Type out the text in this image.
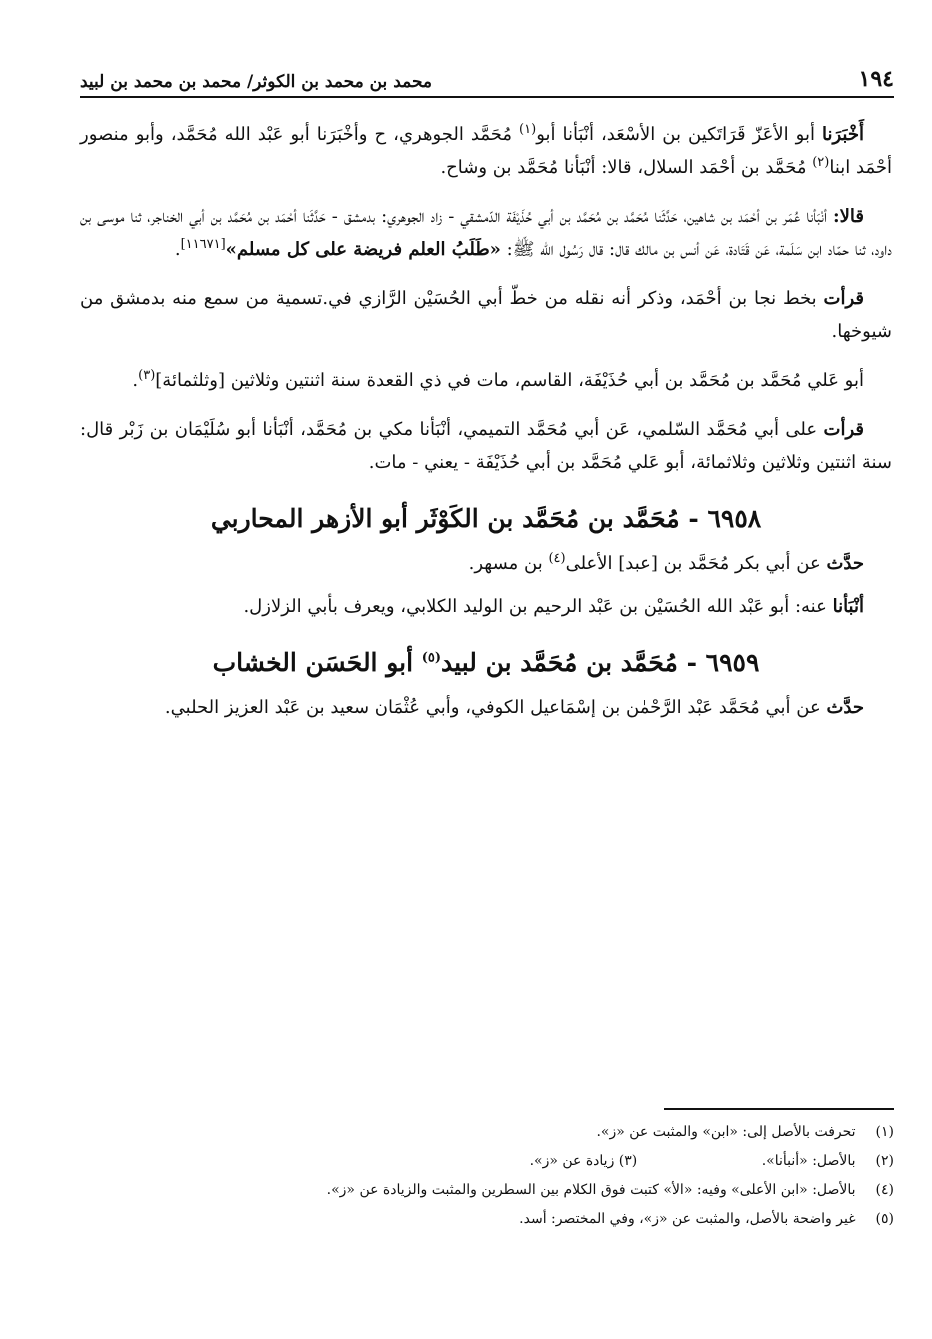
١٩٤
محمد بن محمد بن الكوثر/ محمد بن محمد بن لبيد

أَخْبَرَنا أبو الأعَزّ قَرَاتَكين بن الأسْعَد، أنْبَأنا أبو$^{(١)}$ مُحَمَّد الجوهري، ح وأخْبَرَنا أبو عَبْد الله مُحَمَّد، وأبو منصور أحْمَد ابنا$^{(٢)}$ مُحَمَّد بن أحْمَد السلال، قالا: أنْبَأنا مُحَمَّد بن وشاح.

قالا: أنْبَأنا عُمَر بن أحْمَد بن شاهين، حَدَّثَنا مُحَمَّد بن مُحَمَّد بن أبي حُذَيْفَة الدّمشقي - زاد الجوهري: بدمشق - حَدَّثَنا أحْمَد بن مُحَمَّد بن أبي الخناجر، ثنا موسى بن داود، ثنا حمّاد ابن سَلَمة، عَن قَتَادة، عَن أنس بن مالك قال: قال رَسُول الله ﷺ: «طَلَبُ العلم فريضة على كل مسلم»[١١٦٧١].

قرأت بخط نجا بن أحْمَد، وذكر أنه نقله من خطّ أبي الحُسَيْن الرَّازي في.تسمية من سمع منه بدمشق من شيوخها.

أبو عَلي مُحَمَّد بن مُحَمَّد بن أبي حُذَيْفَة، القاسم، مات في ذي القعدة سنة اثنتين وثلاثين [وثلثمائة]$^{(٣)}$.

قرأت على أبي مُحَمَّد السّلمي، عَن أبي مُحَمَّد التميمي، أنْبَأنا مكي بن مُحَمَّد، أنْبَأنا أبو سُلَيْمَان بن زَبْر قال: سنة اثنتين وثلاثين وثلاثمائة، أبو عَلي مُحَمَّد بن أبي حُذَيْفَة - يعني - مات.

٦٩٥٨ - مُحَمَّد بن مُحَمَّد بن الكَوْثَر أبو الأزهر المحاربي

حدَّث عن أبي بكر مُحَمَّد بن [عبد] الأعلى$^{(٤)}$ بن مسهر.

أنْبَأنا عنه: أبو عَبْد الله الحُسَيْن بن عَبْد الرحيم بن الوليد الكلابي، ويعرف بأبي الزلازل.

٦٩٥٩ - مُحَمَّد بن مُحَمَّد بن لبيد$^{(٥)}$ أبو الحَسَن الخشاب

حدَّث عن أبي مُحَمَّد عَبْد الرَّحْمٰن بن إسْمَاعيل الكوفي، وأبي عُثْمَان سعيد بن عَبْد العزيز الحلبي.

(١) تحرفت بالأصل إلى: «ابن» والمثبت عن «ز».

(٢) بالأصل: «أنبأنا». (٣) زيادة عن «ز».

(٤) بالأصل: «ابن الأعلى» وفيه: «الأ» كتبت فوق الكلام بين السطرين والمثبت والزيادة عن «ز».

(٥) غير واضحة بالأصل، والمثبت عن «ز»، وفي المختصر: أسد.
